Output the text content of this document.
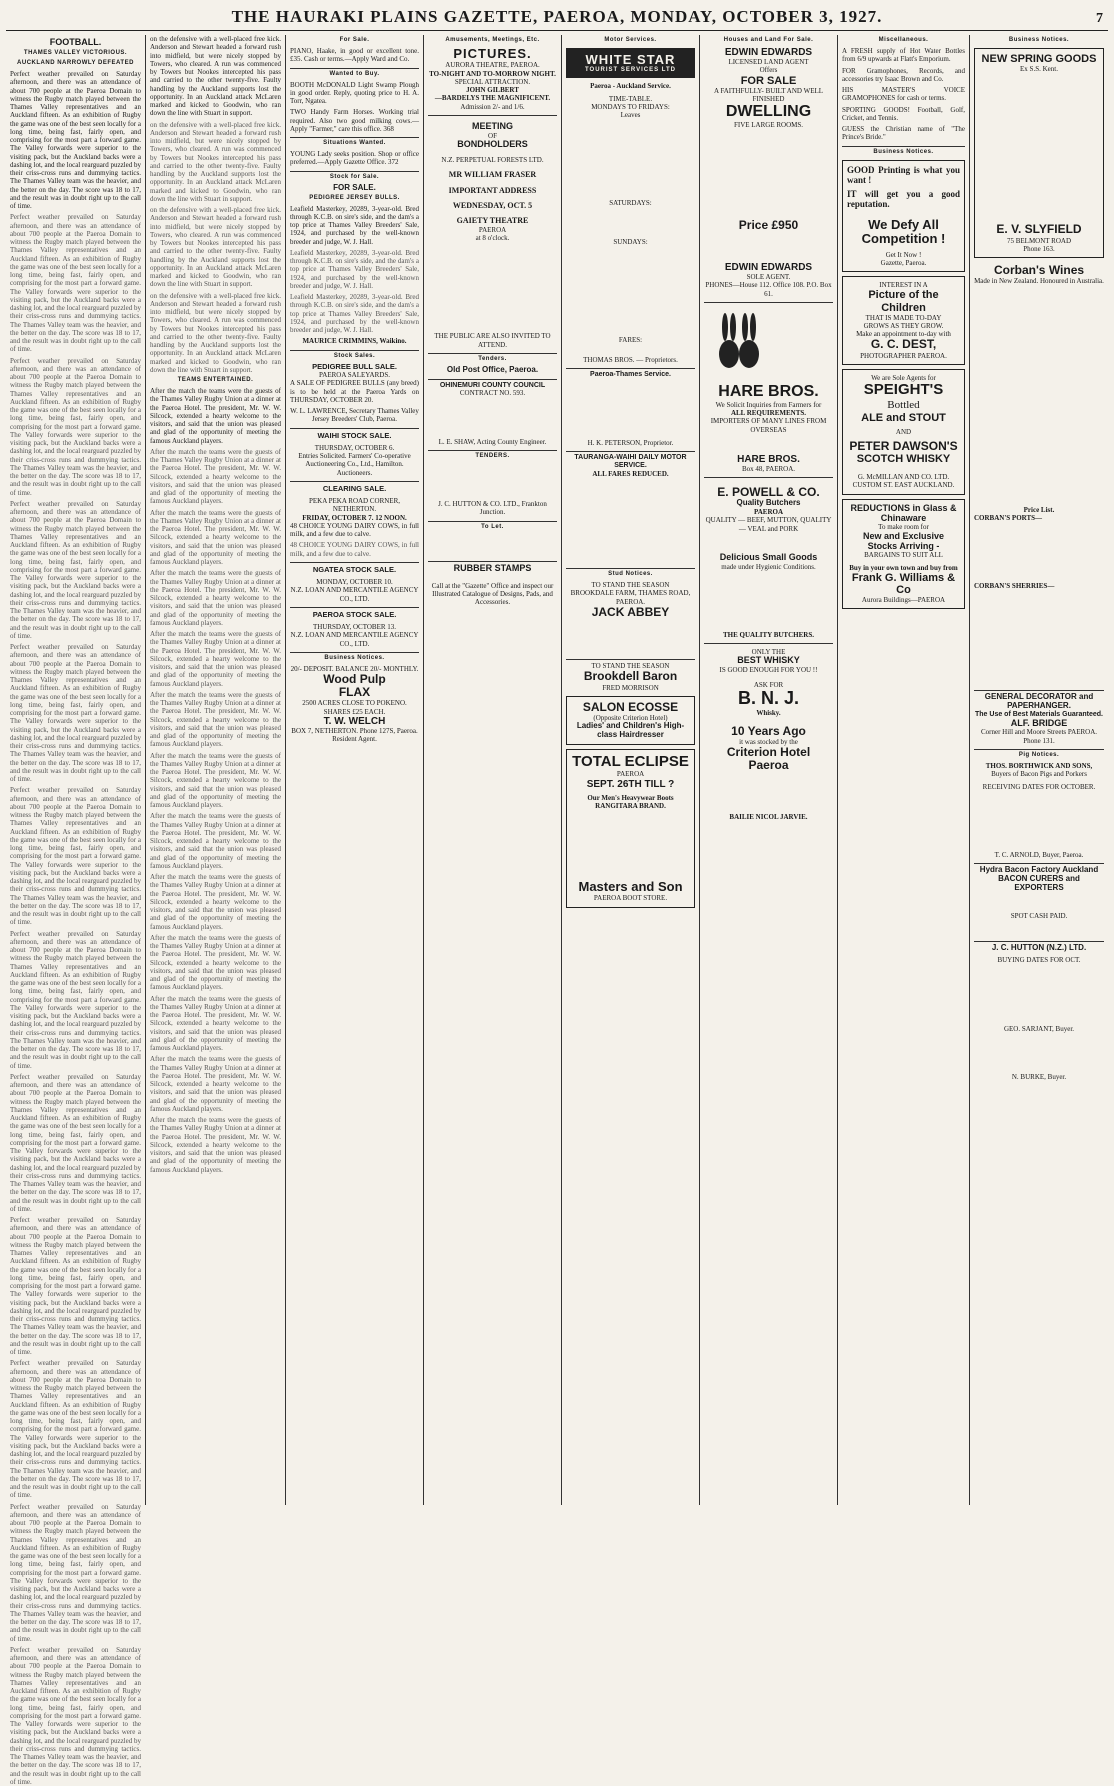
THE HAURAKI PLAINS GAZETTE, PAEROA, MONDAY, OCTOBER 3, 1927.	7
FOOTBALL.
THAMES VALLEY VICTORIOUS.
AUCKLAND NARROWLY DEFEATED

Perfect weather prevailed on Saturday afternoon, and there was an attendance of about 700 people at the Paeroa Domain to witness the Rugby match played between the Thames Valley representatives and an Auckland fifteen. As an exhibition of Rugby the game was one of the best seen locally for a long time, being fast, fairly open, and comprising for the most part a forward game. The Valley forwards were superior to the visiting pack, but the Auckland backs were a dashing lot, and the local rearguard puzzled by their criss-cross runs and dummying tactics. The Thames Valley team was the heavier, and the better on the day. The score was 18 to 17, and the result was in doubt right up to the call of time.

Perfect weather prevailed on Saturday afternoon, and there was an attendance of about 700 people at the Paeroa Domain to witness the Rugby match played between the Thames Valley representatives and an Auckland fifteen. As an exhibition of Rugby the game was one of the best seen locally for a long time, being fast, fairly open, and comprising for the most part a forward game. The Valley forwards were superior to the visiting pack, but the Auckland backs were a dashing lot, and the local rearguard puzzled by their criss-cross runs and dummying tactics. The Thames Valley team was the heavier, and the better on the day. The score was 18 to 17, and the result was in doubt right up to the call of time.

Perfect weather prevailed on Saturday afternoon, and there was an attendance of about 700 people at the Paeroa Domain to witness the Rugby match played between the Thames Valley representatives and an Auckland fifteen. As an exhibition of Rugby the game was one of the best seen locally for a long time, being fast, fairly open, and comprising for the most part a forward game. The Valley forwards were superior to the visiting pack, but the Auckland backs were a dashing lot, and the local rearguard puzzled by their criss-cross runs and dummying tactics. The Thames Valley team was the heavier, and the better on the day. The score was 18 to 17, and the result was in doubt right up to the call of time.

Perfect weather prevailed on Saturday afternoon, and there was an attendance of about 700 people at the Paeroa Domain to witness the Rugby match played between the Thames Valley representatives and an Auckland fifteen. As an exhibition of Rugby the game was one of the best seen locally for a long time, being fast, fairly open, and comprising for the most part a forward game. The Valley forwards were superior to the visiting pack, but the Auckland backs were a dashing lot, and the local rearguard puzzled by their criss-cross runs and dummying tactics. The Thames Valley team was the heavier, and the better on the day. The score was 18 to 17, and the result was in doubt right up to the call of time.

Perfect weather prevailed on Saturday afternoon, and there was an attendance of about 700 people at the Paeroa Domain to witness the Rugby match played between the Thames Valley representatives and an Auckland fifteen. As an exhibition of Rugby the game was one of the best seen locally for a long time, being fast, fairly open, and comprising for the most part a forward game. The Valley forwards were superior to the visiting pack, but the Auckland backs were a dashing lot, and the local rearguard puzzled by their criss-cross runs and dummying tactics. The Thames Valley team was the heavier, and the better on the day. The score was 18 to 17, and the result was in doubt right up to the call of time.

Perfect weather prevailed on Saturday afternoon, and there was an attendance of about 700 people at the Paeroa Domain to witness the Rugby match played between the Thames Valley representatives and an Auckland fifteen. As an exhibition of Rugby the game was one of the best seen locally for a long time, being fast, fairly open, and comprising for the most part a forward game. The Valley forwards were superior to the visiting pack, but the Auckland backs were a dashing lot, and the local rearguard puzzled by their criss-cross runs and dummying tactics. The Thames Valley team was the heavier, and the better on the day. The score was 18 to 17, and the result was in doubt right up to the call of time.

Perfect weather prevailed on Saturday afternoon, and there was an attendance of about 700 people at the Paeroa Domain to witness the Rugby match played between the Thames Valley representatives and an Auckland fifteen. As an exhibition of Rugby the game was one of the best seen locally for a long time, being fast, fairly open, and comprising for the most part a forward game. The Valley forwards were superior to the visiting pack, but the Auckland backs were a dashing lot, and the local rearguard puzzled by their criss-cross runs and dummying tactics. The Thames Valley team was the heavier, and the better on the day. The score was 18 to 17, and the result was in doubt right up to the call of time.

Perfect weather prevailed on Saturday afternoon, and there was an attendance of about 700 people at the Paeroa Domain to witness the Rugby match played between the Thames Valley representatives and an Auckland fifteen. As an exhibition of Rugby the game was one of the best seen locally for a long time, being fast, fairly open, and comprising for the most part a forward game. The Valley forwards were superior to the visiting pack, but the Auckland backs were a dashing lot, and the local rearguard puzzled by their criss-cross runs and dummying tactics. The Thames Valley team was the heavier, and the better on the day. The score was 18 to 17, and the result was in doubt right up to the call of time.

Perfect weather prevailed on Saturday afternoon, and there was an attendance of about 700 people at the Paeroa Domain to witness the Rugby match played between the Thames Valley representatives and an Auckland fifteen. As an exhibition of Rugby the game was one of the best seen locally for a long time, being fast, fairly open, and comprising for the most part a forward game. The Valley forwards were superior to the visiting pack, but the Auckland backs were a dashing lot, and the local rearguard puzzled by their criss-cross runs and dummying tactics. The Thames Valley team was the heavier, and the better on the day. The score was 18 to 17, and the result was in doubt right up to the call of time.

Perfect weather prevailed on Saturday afternoon, and there was an attendance of about 700 people at the Paeroa Domain to witness the Rugby match played between the Thames Valley representatives and an Auckland fifteen. As an exhibition of Rugby the game was one of the best seen locally for a long time, being fast, fairly open, and comprising for the most part a forward game. The Valley forwards were superior to the visiting pack, but the Auckland backs were a dashing lot, and the local rearguard puzzled by their criss-cross runs and dummying tactics. The Thames Valley team was the heavier, and the better on the day. The score was 18 to 17, and the result was in doubt right up to the call of time.

Perfect weather prevailed on Saturday afternoon, and there was an attendance of about 700 people at the Paeroa Domain to witness the Rugby match played between the Thames Valley representatives and an Auckland fifteen. As an exhibition of Rugby the game was one of the best seen locally for a long time, being fast, fairly open, and comprising for the most part a forward game. The Valley forwards were superior to the visiting pack, but the Auckland backs were a dashing lot, and the local rearguard puzzled by their criss-cross runs and dummying tactics. The Thames Valley team was the heavier, and the better on the day. The score was 18 to 17, and the result was in doubt right up to the call of time.

Perfect weather prevailed on Saturday afternoon, and there was an attendance of about 700 people at the Paeroa Domain to witness the Rugby match played between the Thames Valley representatives and an Auckland fifteen. As an exhibition of Rugby the game was one of the best seen locally for a long time, being fast, fairly open, and comprising for the most part a forward game. The Valley forwards were superior to the visiting pack, but the Auckland backs were a dashing lot, and the local rearguard puzzled by their criss-cross runs and dummying tactics. The Thames Valley team was the heavier, and the better on the day. The score was 18 to 17, and the result was in doubt right up to the call of time.

on the defensive with a well-placed free kick. Anderson and Stewart headed a forward rush into midfield, but were nicely stopped by Towers, who cleared. A run was commenced by Towers but Nookes intercepted his pass and carried to the other twenty-five. Faulty handling by the Auckland supports lost the opportunity. In an Auckland attack McLaren marked and kicked to Goodwin, who ran down the line with Stuart in support.

on the defensive with a well-placed free kick. Anderson and Stewart headed a forward rush into midfield, but were nicely stopped by Towers, who cleared. A run was commenced by Towers but Nookes intercepted his pass and carried to the other twenty-five. Faulty handling by the Auckland supports lost the opportunity. In an Auckland attack McLaren marked and kicked to Goodwin, who ran down the line with Stuart in support.

on the defensive with a well-placed free kick. Anderson and Stewart headed a forward rush into midfield, but were nicely stopped by Towers, who cleared. A run was commenced by Towers but Nookes intercepted his pass and carried to the other twenty-five. Faulty handling by the Auckland supports lost the opportunity. In an Auckland attack McLaren marked and kicked to Goodwin, who ran down the line with Stuart in support.

on the defensive with a well-placed free kick. Anderson and Stewart headed a forward rush into midfield, but were nicely stopped by Towers, who cleared. A run was commenced by Towers but Nookes intercepted his pass and carried to the other twenty-five. Faulty handling by the Auckland supports lost the opportunity. In an Auckland attack McLaren marked and kicked to Goodwin, who ran down the line with Stuart in support.

TEAMS ENTERTAINED.

After the match the teams were the guests of the Thames Valley Rugby Union at a dinner at the Paeroa Hotel. The president, Mr. W. W. Silcock, extended a hearty welcome to the visitors, and said that the union was pleased and glad of the opportunity of meeting the famous Auckland players.

After the match the teams were the guests of the Thames Valley Rugby Union at a dinner at the Paeroa Hotel. The president, Mr. W. W. Silcock, extended a hearty welcome to the visitors, and said that the union was pleased and glad of the opportunity of meeting the famous Auckland players.

After the match the teams were the guests of the Thames Valley Rugby Union at a dinner at the Paeroa Hotel. The president, Mr. W. W. Silcock, extended a hearty welcome to the visitors, and said that the union was pleased and glad of the opportunity of meeting the famous Auckland players.

After the match the teams were the guests of the Thames Valley Rugby Union at a dinner at the Paeroa Hotel. The president, Mr. W. W. Silcock, extended a hearty welcome to the visitors, and said that the union was pleased and glad of the opportunity of meeting the famous Auckland players.

After the match the teams were the guests of the Thames Valley Rugby Union at a dinner at the Paeroa Hotel. The president, Mr. W. W. Silcock, extended a hearty welcome to the visitors, and said that the union was pleased and glad of the opportunity of meeting the famous Auckland players.

After the match the teams were the guests of the Thames Valley Rugby Union at a dinner at the Paeroa Hotel. The president, Mr. W. W. Silcock, extended a hearty welcome to the visitors, and said that the union was pleased and glad of the opportunity of meeting the famous Auckland players.

After the match the teams were the guests of the Thames Valley Rugby Union at a dinner at the Paeroa Hotel. The president, Mr. W. W. Silcock, extended a hearty welcome to the visitors, and said that the union was pleased and glad of the opportunity of meeting the famous Auckland players.

After the match the teams were the guests of the Thames Valley Rugby Union at a dinner at the Paeroa Hotel. The president, Mr. W. W. Silcock, extended a hearty welcome to the visitors, and said that the union was pleased and glad of the opportunity of meeting the famous Auckland players.

After the match the teams were the guests of the Thames Valley Rugby Union at a dinner at the Paeroa Hotel. The president, Mr. W. W. Silcock, extended a hearty welcome to the visitors, and said that the union was pleased and glad of the opportunity of meeting the famous Auckland players.

After the match the teams were the guests of the Thames Valley Rugby Union at a dinner at the Paeroa Hotel. The president, Mr. W. W. Silcock, extended a hearty welcome to the visitors, and said that the union was pleased and glad of the opportunity of meeting the famous Auckland players.

After the match the teams were the guests of the Thames Valley Rugby Union at a dinner at the Paeroa Hotel. The president, Mr. W. W. Silcock, extended a hearty welcome to the visitors, and said that the union was pleased and glad of the opportunity of meeting the famous Auckland players.

After the match the teams were the guests of the Thames Valley Rugby Union at a dinner at the Paeroa Hotel. The president, Mr. W. W. Silcock, extended a hearty welcome to the visitors, and said that the union was pleased and glad of the opportunity of meeting the famous Auckland players.

After the match the teams were the guests of the Thames Valley Rugby Union at a dinner at the Paeroa Hotel. The president, Mr. W. W. Silcock, extended a hearty welcome to the visitors, and said that the union was pleased and glad of the opportunity of meeting the famous Auckland players.

For Sale.

PIANO, Haake, in good or excellent tone. £35. Cash or terms.—Apply Ward and Co.

Wanted to Buy.

BOOTH McDONALD Light Swamp Plough in good order. Reply, quoting price to H. A. Torr, Ngatea.

TWO Handy Farm Horses. Working trial required. Also two good milking cows.—Apply "Farmer," care this office. 368

Situations Wanted.

YOUNG Lady seeks position. Shop or office preferred.—Apply Gazette Office. 372

Stock for Sale.
FOR SALE.
PEDIGREE JERSEY BULLS.

Leafield Masterkey, 20289, 3-year-old. Bred through K.C.B. on sire's side, and the dam's a top price at Thames Valley Breeders' Sale, 1924, and purchased by the well-known breeder and judge, W. J. Hall.

Leafield Masterkey, 20289, 3-year-old. Bred through K.C.B. on sire's side, and the dam's a top price at Thames Valley Breeders' Sale, 1924, and purchased by the well-known breeder and judge, W. J. Hall.

Leafield Masterkey, 20289, 3-year-old. Bred through K.C.B. on sire's side, and the dam's a top price at Thames Valley Breeders' Sale, 1924, and purchased by the well-known breeder and judge, W. J. Hall.

MAURICE CRIMMINS, Waikino.
Stock Sales.
PEDIGREE BULL SALE.
PAEROA SALEYARDS.

A SALE OF PEDIGREE BULLS (any breed) is to be held at the Paeroa Yards on THURSDAY, OCTOBER 20.

W. L. LAWRENCE, Secretary Thames Valley Jersey Breeders' Club, Paeroa.

WAIHI STOCK SALE.
THURSDAY, OCTOBER 6.

Entries Solicited. Farmers' Co-operative Auctioneering Co., Ltd., Hamilton. Auctioneers.

CLEARING SALE.
PEKA PEKA ROAD CORNER, NETHERTON.
FRIDAY, OCTOBER 7. 12 NOON.

48 CHOICE YOUNG DAIRY COWS, in full milk, and a few due to calve.

48 CHOICE YOUNG DAIRY COWS, in full milk, and a few due to calve.

NGATEA STOCK SALE.
MONDAY, OCTOBER 10.

N.Z. LOAN AND MERCANTILE AGENCY CO., LTD.

PAEROA STOCK SALE.
THURSDAY, OCTOBER 13.

N.Z. LOAN AND MERCANTILE AGENCY CO., LTD.

Business Notices.
20/- DEPOSIT. BALANCE 20/- MONTHLY.
Wood Pulp
FLAX
2500 ACRES CLOSE TO POKENO.
SHARES £25 EACH.
T. W. WELCH
BOX 7, NETHERTON. Phone 127S, Paeroa. Resident Agent.
Amusements, Meetings, Etc.
PICTURES.
AURORA THEATRE, PAEROA.
TO-NIGHT AND TO-MORROW NIGHT.
SPECIAL ATTRACTION.
JOHN GILBERT
—BARDELYS THE MAGNIFICENT.
Admission 2/- and 1/6.
MEETING
OF
BONDHOLDERS
N.Z. PERPETUAL FORESTS LTD.
MR WILLIAM FRASER
IMPORTANT ADDRESS
WEDNESDAY, OCT. 5
GAIETY THEATRE
PAEROA
at 8 o'clock.
THE PUBLIC ARE ALSO INVITED TO ATTEND.
Tenders.
Old Post Office, Paeroa.
OHINEMURI COUNTY COUNCIL
CONTRACT NO. 593.

L. E. SHAW, Acting County Engineer.

TENDERS.

J. C. HUTTON & CO. LTD., Frankton Junction.

To Let.
RUBBER STAMPS

Call at the "Gazette" Office and inspect our Illustrated Catalogue of Designs, Pads, and Accessories.

Motor Services.
WHITE STAR
TOURIST SERVICES LTD
Paeroa - Auckland Service.
TIME-TABLE.
MONDAYS TO FRIDAYS:
Leaves
SATURDAYS:
SUNDAYS:
FARES:
THOMAS BROS. — Proprietors.
Paeroa-Thames Service.
H. K. PETERSON, Proprietor.
TAURANGA-WAIHI DAILY MOTOR SERVICE.
ALL FARES REDUCED.
Stud Notices.
TO STAND THE SEASON
BROOKDALE FARM, THAMES ROAD, PAEROA.
JACK ABBEY
TO STAND THE SEASON
Brookdell Baron
FRED MORRISON
SALON ECOSSE
(Opposite Criterion Hotel)
Ladies' and Children's High-class Hairdresser
TOTAL ECLIPSE
PAEROA
SEPT. 26TH TILL ?
Our Men's Heavywear Boots
RANGITARA BRAND.
Masters and Son
PAEROA BOOT STORE.
Houses and Land For Sale.
EDWIN EDWARDS
LICENSED LAND AGENT
Offers
FOR SALE
A FAITHFULLY- BUILT AND WELL FINISHED
DWELLING
FIVE LARGE ROOMS.
Price £950
EDWIN EDWARDS
SOLE AGENT.
PHONES—House 112. Office 108. P.O. Box 61.
HARE BROS.
We Solicit Inquiries from Farmers for
ALL REQUIREMENTS.
IMPORTERS OF MANY LINES FROM OVERSEAS
HARE BROS.
Box 48, PAEROA.
E. POWELL & CO.
Quality Butchers
PAEROA
QUALITY — BEEF, MUTTON, QUALITY — VEAL and PORK
Delicious Small Goods
made under Hygienic Conditions.
THE QUALITY BUTCHERS.
ONLY THE
BEST WHISKY
IS GOOD ENOUGH FOR YOU !!
ASK FOR
B. N. J.
Whisky.
10 Years Ago
it was stocked by the
Criterion Hotel
Paeroa
BAILIE NICOL JARVIE.
Miscellaneous.

A FRESH supply of Hot Water Bottles from 6/9 upwards at Flatt's Emporium.

FOR Gramophones, Records, and accessories try Isaac Brown and Co.

HIS MASTER'S VOICE GRAMOPHONES for cash or terms.

SPORTING GOODS! Football, Golf, Cricket, and Tennis.

GUESS the Christian name of "The Prince's Bride."

Business Notices.

GOOD Printing is what you want !

IT will get you a good reputation.

We Defy All Competition !
Get It Now !
Gazette, Paeroa.
INTEREST IN A
Picture of the Children
THAT IS MADE TO-DAY
GROWS AS THEY GROW.
Make an appointment to-day with
G. C. DEST,
PHOTOGRAPHER PAEROA.
We are Sole Agents for
SPEIGHT'S
Bottled
ALE and STOUT
AND
PETER DAWSON'S
SCOTCH WHISKY
G. McMILLAN AND CO. LTD.
CUSTOM ST. EAST AUCKLAND.
REDUCTIONS in Glass & Chinaware
To make room for
New and Exclusive
Stocks Arriving -
BARGAINS TO SUIT ALL
Buy in your own town and buy from
Frank G. Williams & Co
Aurora Buildings—PAEROA
Business Notices.
NEW SPRING GOODS
Ex S.S. Kent.
E. V. SLYFIELD
75 BELMONT ROAD
Phone 163.
Corban's Wines
Made in New Zealand. Honoured in Australia.
Price List.
CORBAN'S PORTS—
CORBAN'S SHERRIES—
GENERAL DECORATOR and PAPERHANGER.
The Use of Best Materials Guaranteed.
ALF. BRIDGE
Corner Hill and Moore Streets PAEROA.
Phone 131.
Pig Notices.
THOS. BORTHWICK AND SONS,
Buyers of Bacon Pigs and Porkers
RECEIVING DATES FOR OCTOBER.
T. C. ARNOLD, Buyer, Paeroa.
Hydra Bacon Factory Auckland
BACON CURERS and EXPORTERS
SPOT CASH PAID.
J. C. HUTTON (N.Z.) LTD.
BUYING DATES FOR OCT.
GEO. SARJANT, Buyer.
N. BURKE, Buyer.
